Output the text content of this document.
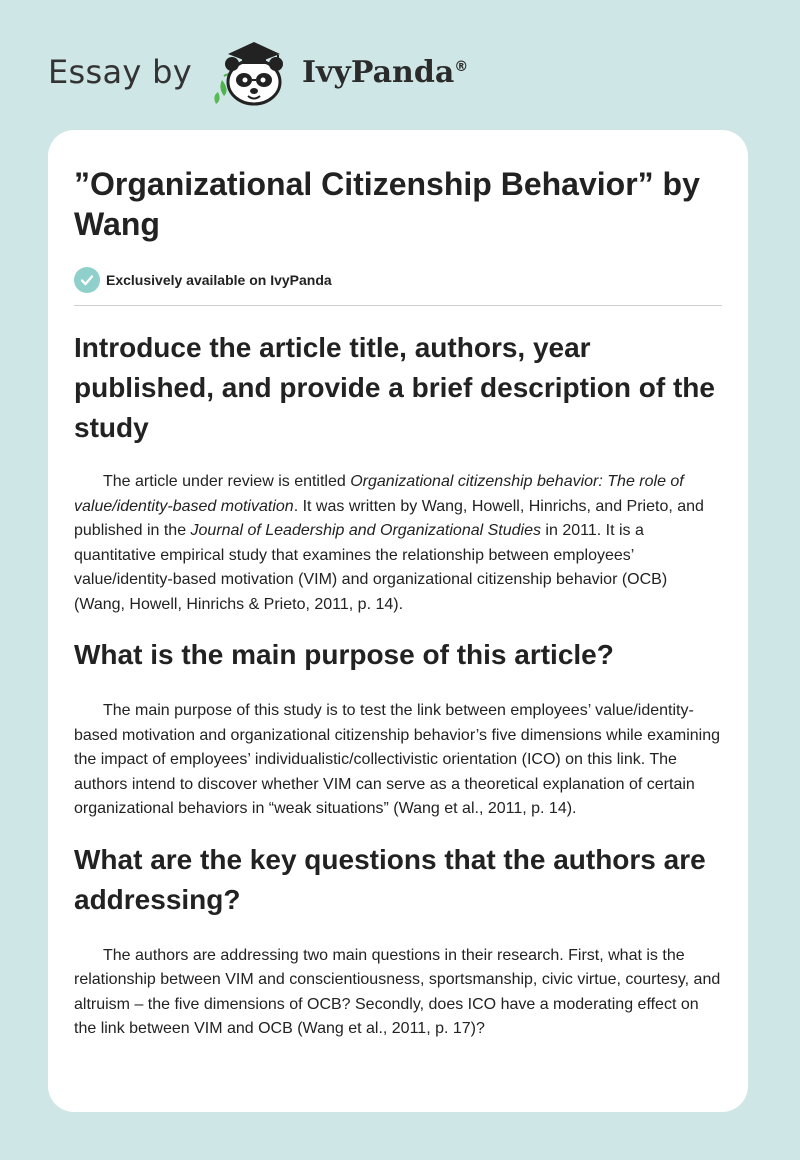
Essay by	IvyPanda®
”Organizational Citizenship Behavior” by Wang
Exclusively available on IvyPanda
Introduce the article title, authors, year published, and provide a brief description of the study

The article under review is entitled Organizational citizenship behavior: The role of value/identity-based motivation. It was written by Wang, Howell, Hinrichs, and Prieto, and published in the Journal of Leadership and Organizational Studies in 2011. It is a quantitative empirical study that examines the relationship between employees’ value/identity-based motivation (VIM) and organizational citizenship behavior (OCB) (Wang, Howell, Hinrichs & Prieto, 2011, p. 14).

What is the main purpose of this article?

The main purpose of this study is to test the link between employees’ value/identity-based motivation and organizational citizenship behavior’s five dimensions while examining the impact of employees’ individualistic/collectivistic orientation (ICO) on this link. The authors intend to discover whether VIM can serve as a theoretical explanation of certain organizational behaviors in “weak situations” (Wang et al., 2011, p. 14).

What are the key questions that the authors are addressing?

The authors are addressing two main questions in their research. First, what is the relationship between VIM and conscientiousness, sportsmanship, civic virtue, courtesy, and altruism – the five dimensions of OCB? Secondly, does ICO have a moderating effect on the link between VIM and OCB (Wang et al., 2011, p. 17)?
